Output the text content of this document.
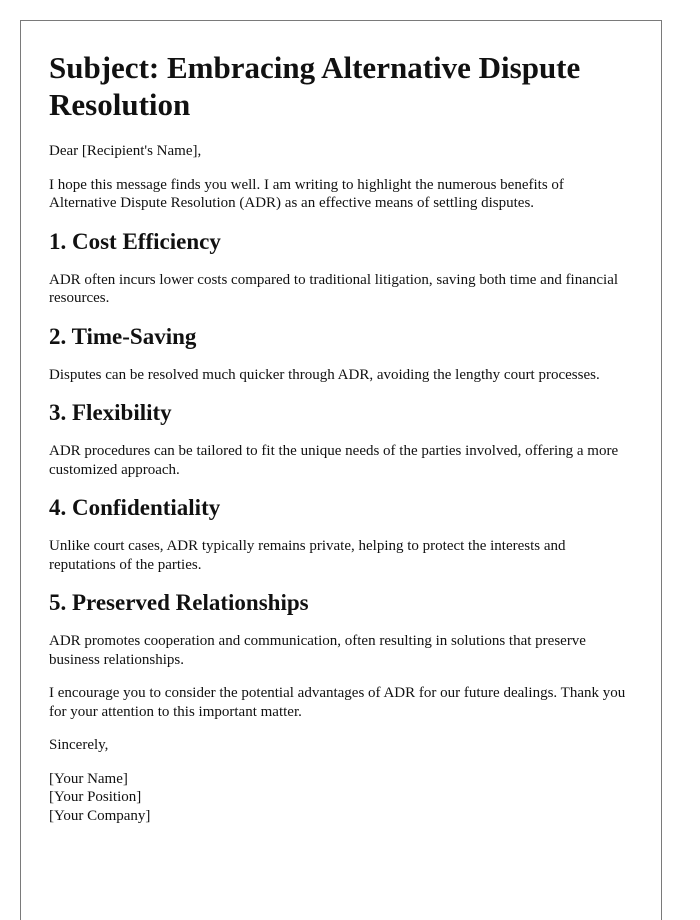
Subject: Embracing Alternative Dispute Resolution

Dear [Recipient's Name],

I hope this message finds you well. I am writing to highlight the numerous benefits of Alternative Dispute Resolution (ADR) as an effective means of settling disputes.

1. Cost Efficiency

ADR often incurs lower costs compared to traditional litigation, saving both time and financial resources.

2. Time-Saving

Disputes can be resolved much quicker through ADR, avoiding the lengthy court processes.

3. Flexibility

ADR procedures can be tailored to fit the unique needs of the parties involved, offering a more customized approach.

4. Confidentiality

Unlike court cases, ADR typically remains private, helping to protect the interests and reputations of the parties.

5. Preserved Relationships

ADR promotes cooperation and communication, often resulting in solutions that preserve business relationships.

I encourage you to consider the potential advantages of ADR for our future dealings. Thank you for your attention to this important matter.

Sincerely,

[Your Name]

[Your Position]

[Your Company]
